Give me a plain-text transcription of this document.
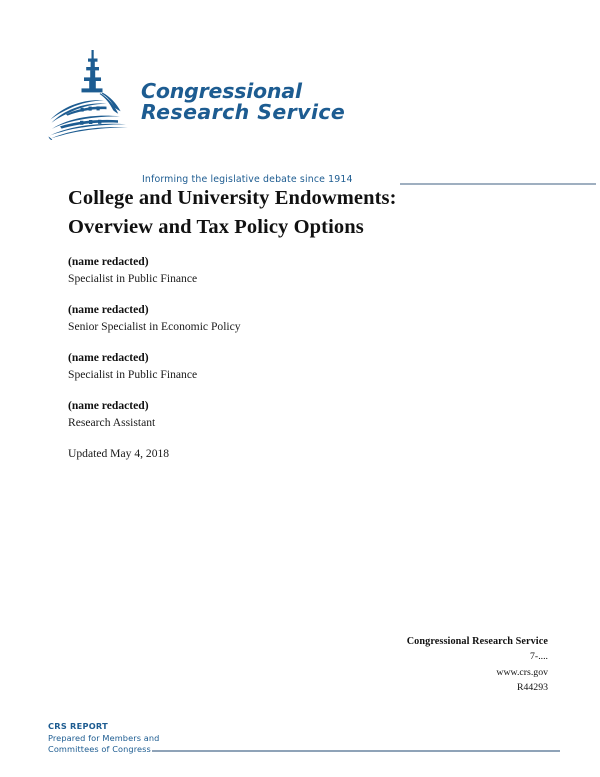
Congressional
Research Service
Informing the legislative debate since 1914
College and University Endowments:
Overview and Tax Policy Options
(name redacted)
Specialist in Public Finance
(name redacted)
Senior Specialist in Economic Policy
(name redacted)
Specialist in Public Finance
(name redacted)
Research Assistant
Updated May 4, 2018
Congressional Research Service
7-....
www.crs.gov
R44293
CRS REPORT
Prepared for Members and
Committees of Congress
